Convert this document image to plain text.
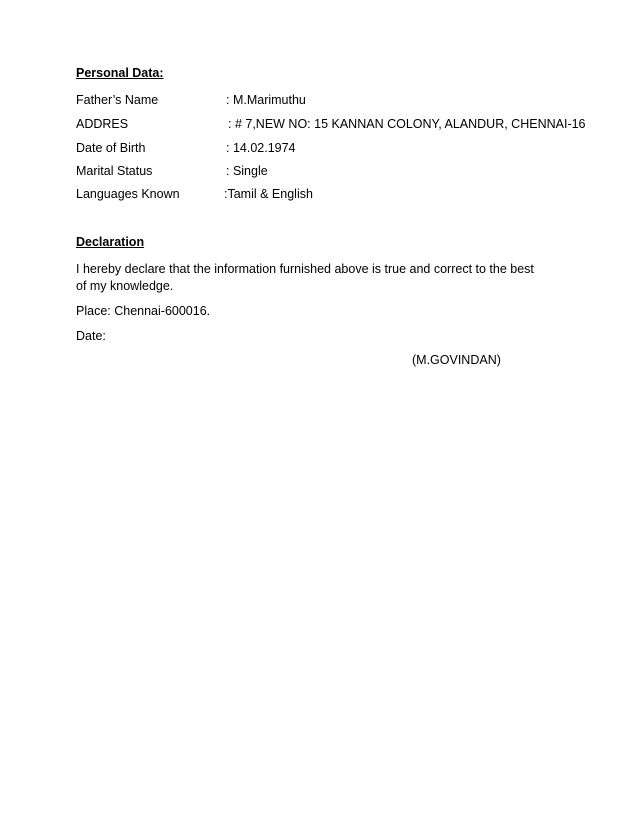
Personal Data:
Father’s Name	: M.Marimuthu
ADDRES	: # 7,NEW NO: 15 KANNAN COLONY, ALANDUR, CHENNAI-16
Date of Birth	: 14.02.1974
Marital Status	: Single
Languages Known	:Tamil & English
Declaration
I hereby declare that the information furnished above is true and correct to the best of my knowledge.
Place: Chennai-600016.
Date:
(M.GOVINDAN)
